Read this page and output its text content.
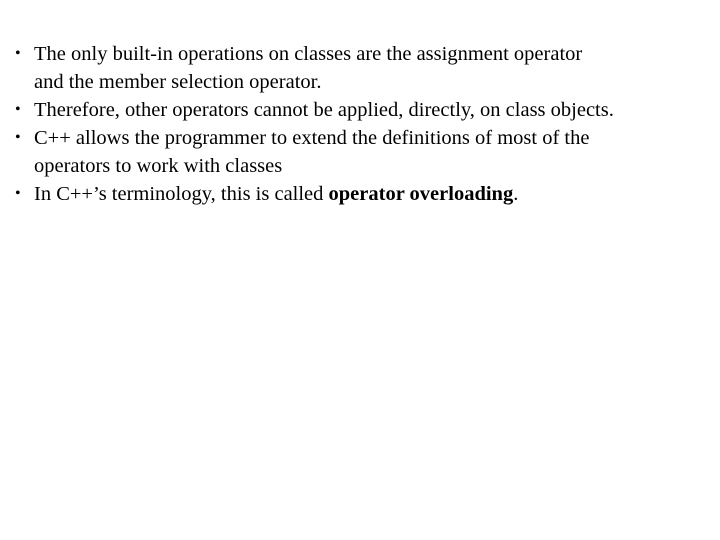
• The only built-in operations on classes are the assignment operator
and the member selection operator.
• Therefore, other operators cannot be applied, directly, on class objects.
• C++ allows the programmer to extend the definitions of most of the
operators to work with classes
• In C++’s terminology, this is called operator overloading.
